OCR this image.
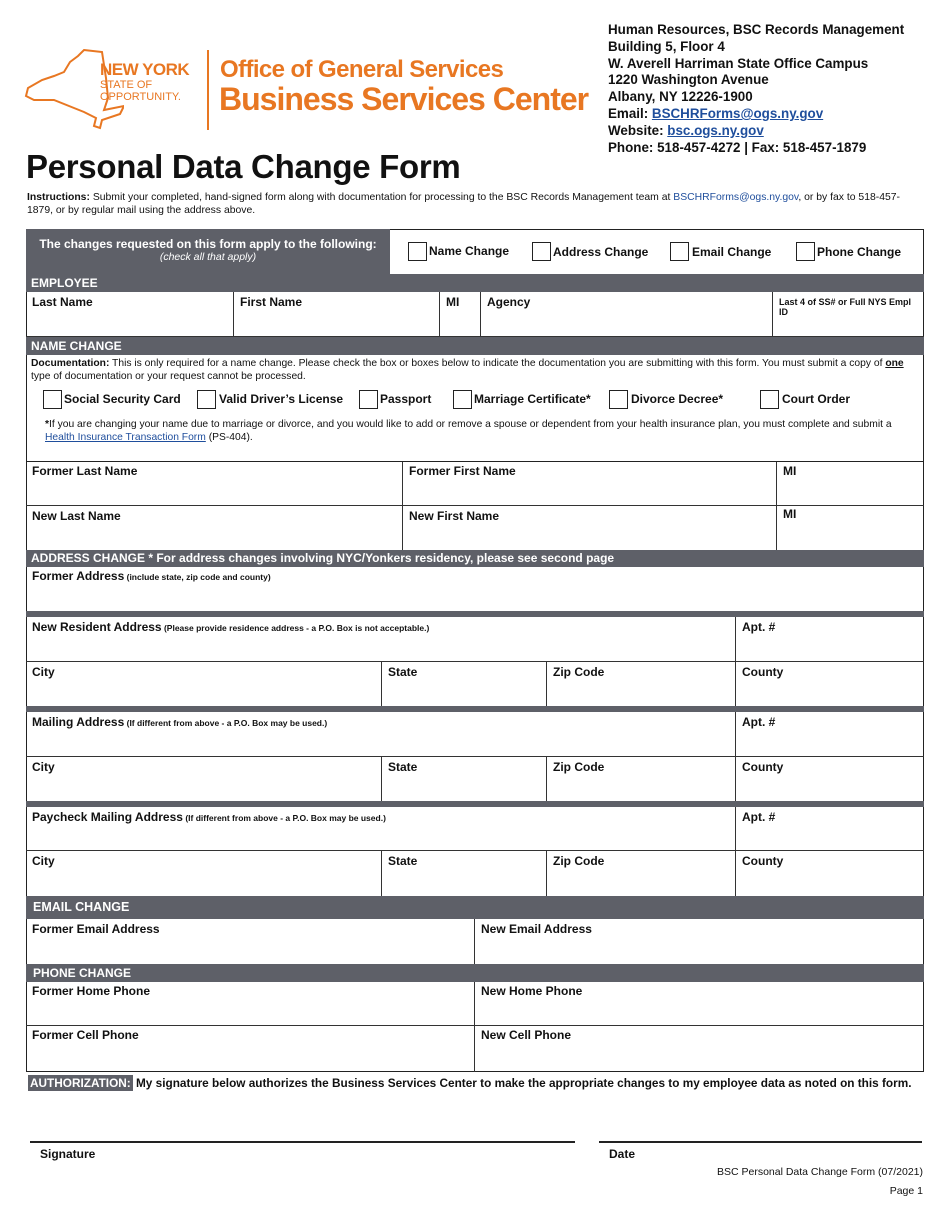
NEW YORK
STATE OF
OPPORTUNITY.
Office of General Services
Business Services Center
Human Resources, BSC Records Management
Building 5, Floor 4
W. Averell Harriman State Office Campus
1220 Washington Avenue
Albany, NY 12226-1900
Email: BSCHRForms@ogs.ny.gov
Website: bsc.ogs.ny.gov
Phone: 518-457-4272 | Fax: 518-457-1879
Personal Data Change Form
Instructions: Submit your completed, hand-signed form along with documentation for processing to the BSC Records Management team at BSCHRForms@ogs.ny.gov, or by fax to 518-457-1879, or by regular mail using the address above.
The changes requested on this form apply to the following:
(check all that apply)	Name Change	Address Change	Email Change	Phone Change
EMPLOYEE
Last Name	First Name	MI	Agency	Last 4 of SS# or Full NYS Empl ID
NAME CHANGE
Documentation: This is only required for a name change. Please check the box or boxes below to indicate the documentation you are submitting with this form. You must submit a copy of one type of documentation or your request cannot be processed.
Social Security Card	Valid Driver’s License	Passport	Marriage Certificate*	Divorce Decree*	Court Order
*If you are changing your name due to marriage or divorce, and you would like to add or remove a spouse or dependent from your health insurance plan, you must complete and submit a Health Insurance Transaction Form (PS-404).
Former Last Name	Former First Name	MI
New Last Name	New First Name	MI
ADDRESS CHANGE * For address changes involving NYC/Yonkers residency, please see second page
Former Address (include state, zip code and county)
New Resident Address (Please provide residence address - a P.O. Box is not acceptable.)	Apt. #
City	State	Zip Code	County
Mailing Address (If different from above - a P.O. Box may be used.)	Apt. #
City	State	Zip Code	County
Paycheck Mailing Address (If different from above - a P.O. Box may be used.)	Apt. #
City	State	Zip Code	County
EMAIL CHANGE
Former Email Address	New Email Address
PHONE CHANGE
Former Home Phone	New Home Phone
Former Cell Phone	New Cell Phone
AUTHORIZATION: My signature below authorizes the Business Services Center to make the appropriate changes to my employee data as noted on this form.
Signature	Date
BSC Personal Data Change Form (07/2021)
Page 1
